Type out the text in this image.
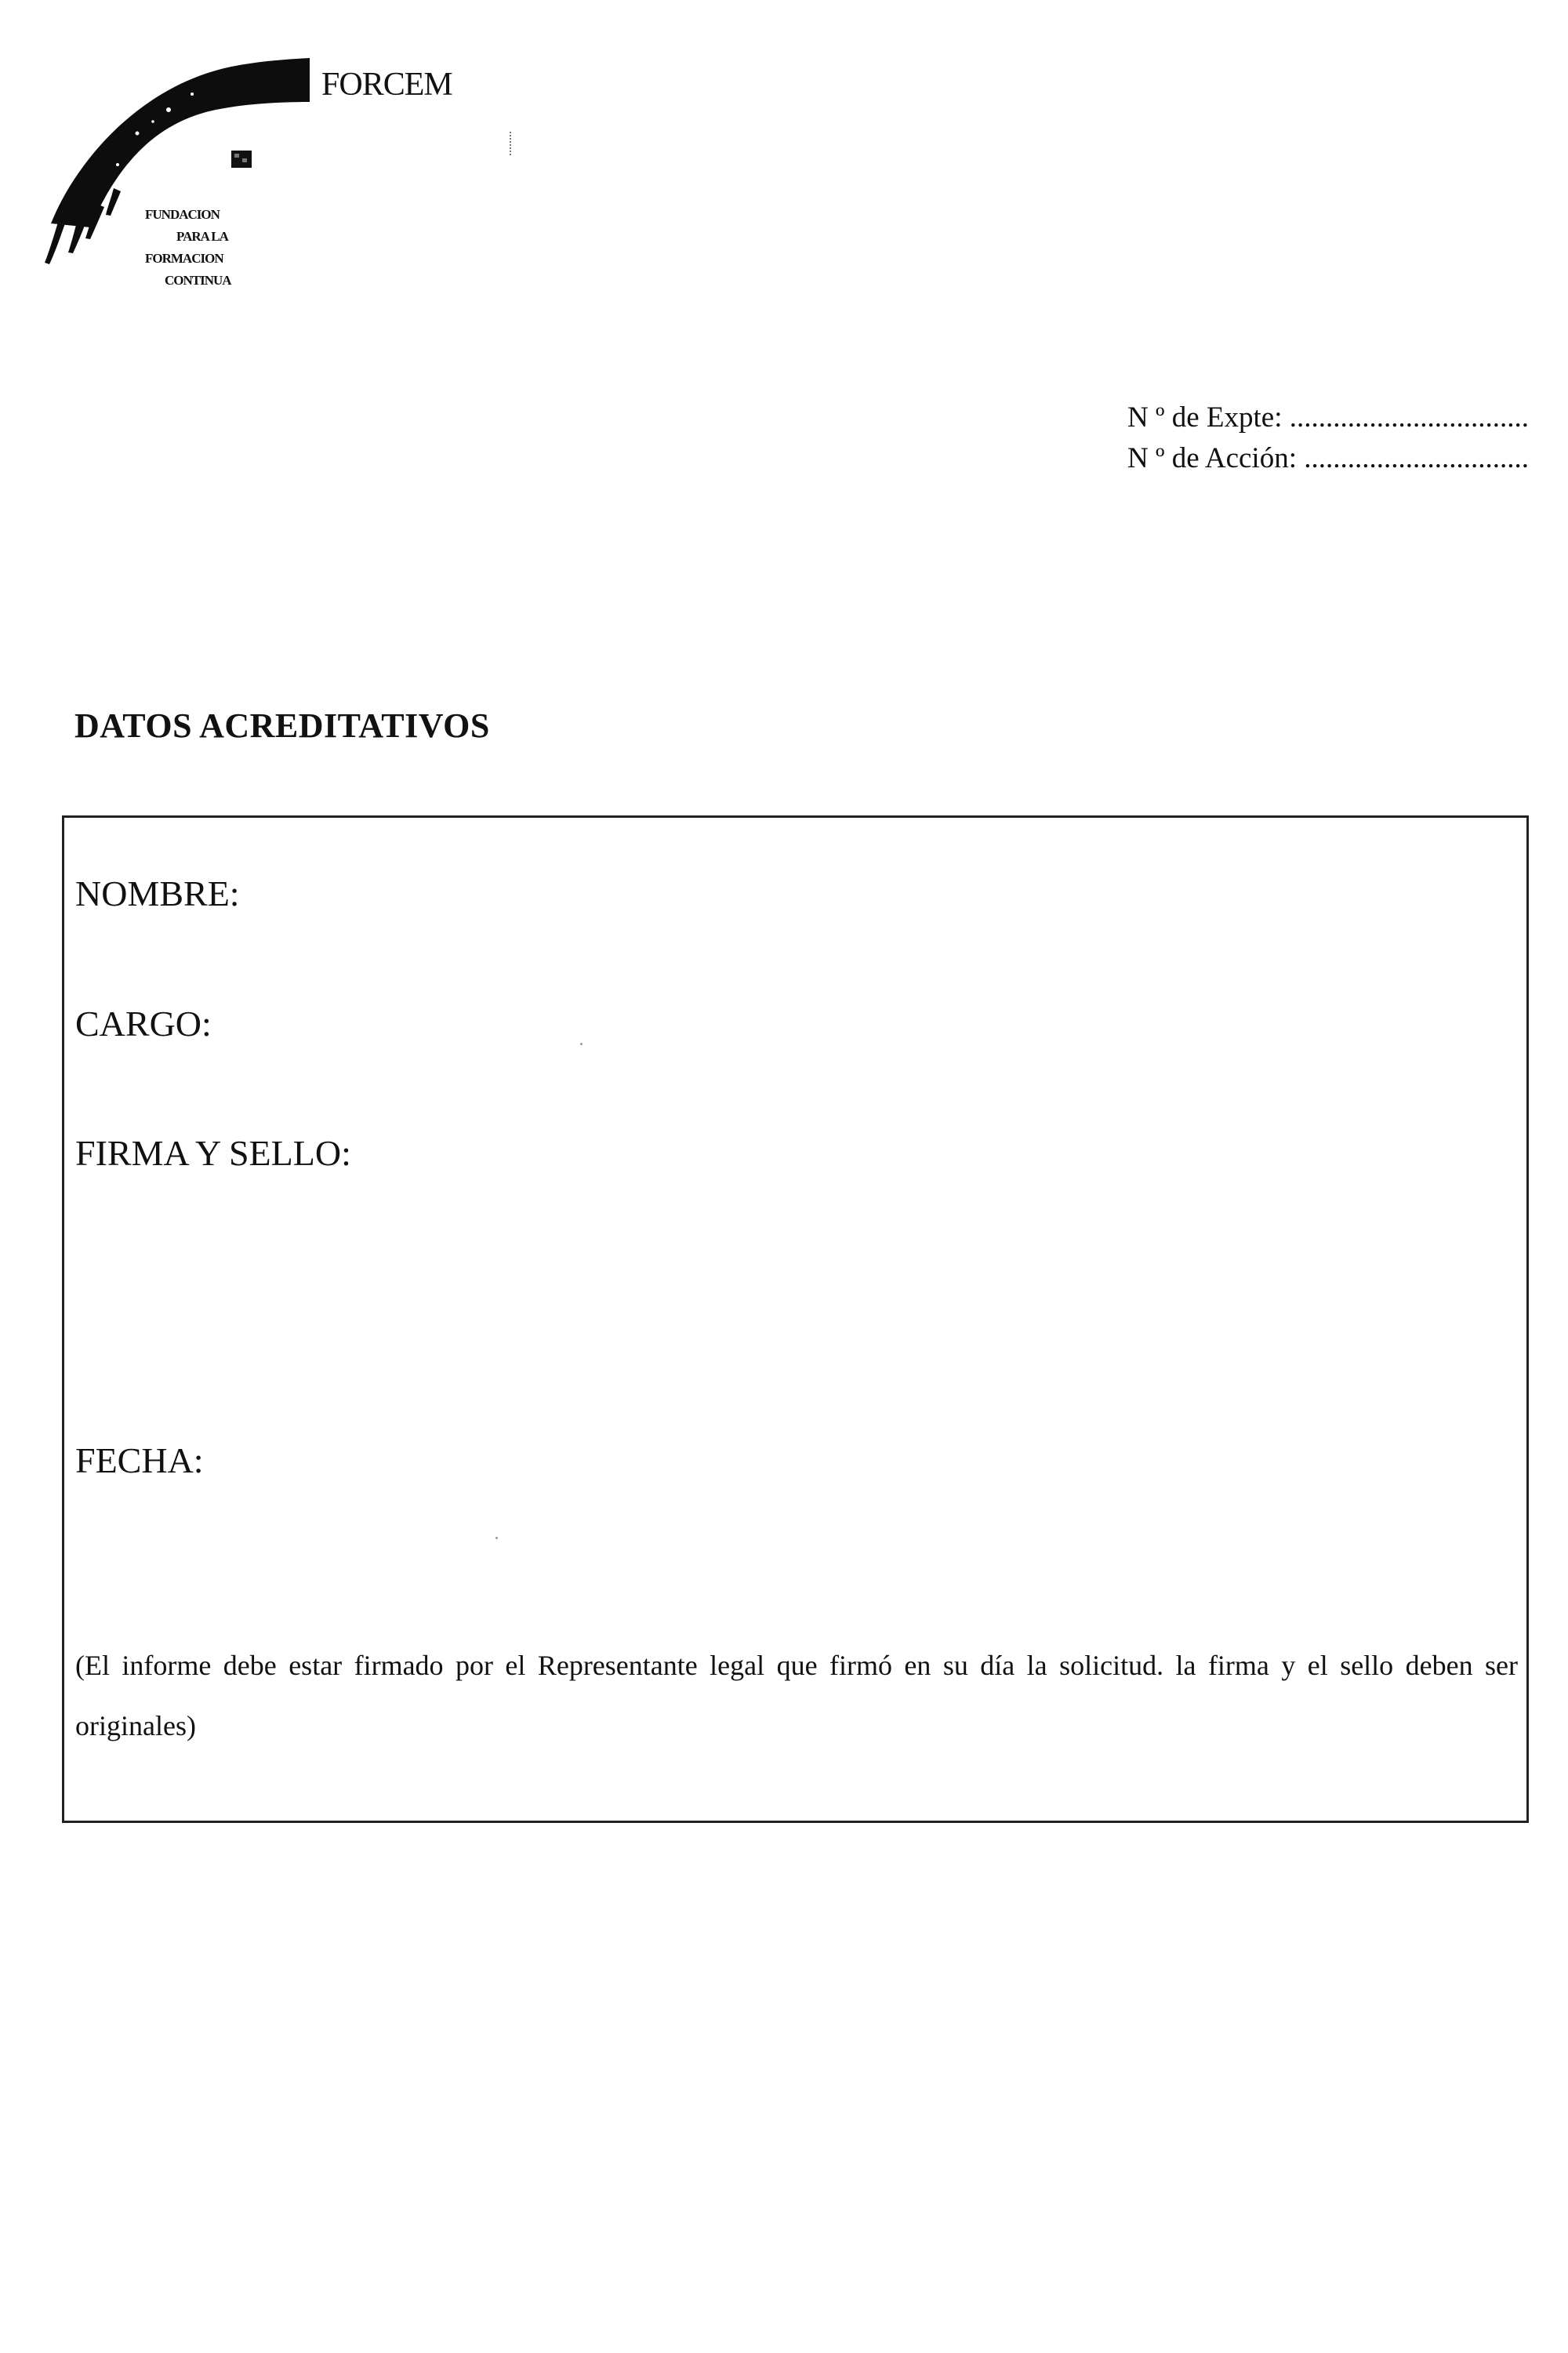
FORCEM
FUNDACION
PARA LA
FORMACION
CONTINUA
N º de Expte: .................................
N º de Acción: ...............................
DATOS ACREDITATIVOS
NOMBRE:
CARGO:
FIRMA Y SELLO:
FECHA:
(El informe debe estar firmado por el Representante legal que firmó en su día la solicitud. la firma y el sello deben ser originales)
